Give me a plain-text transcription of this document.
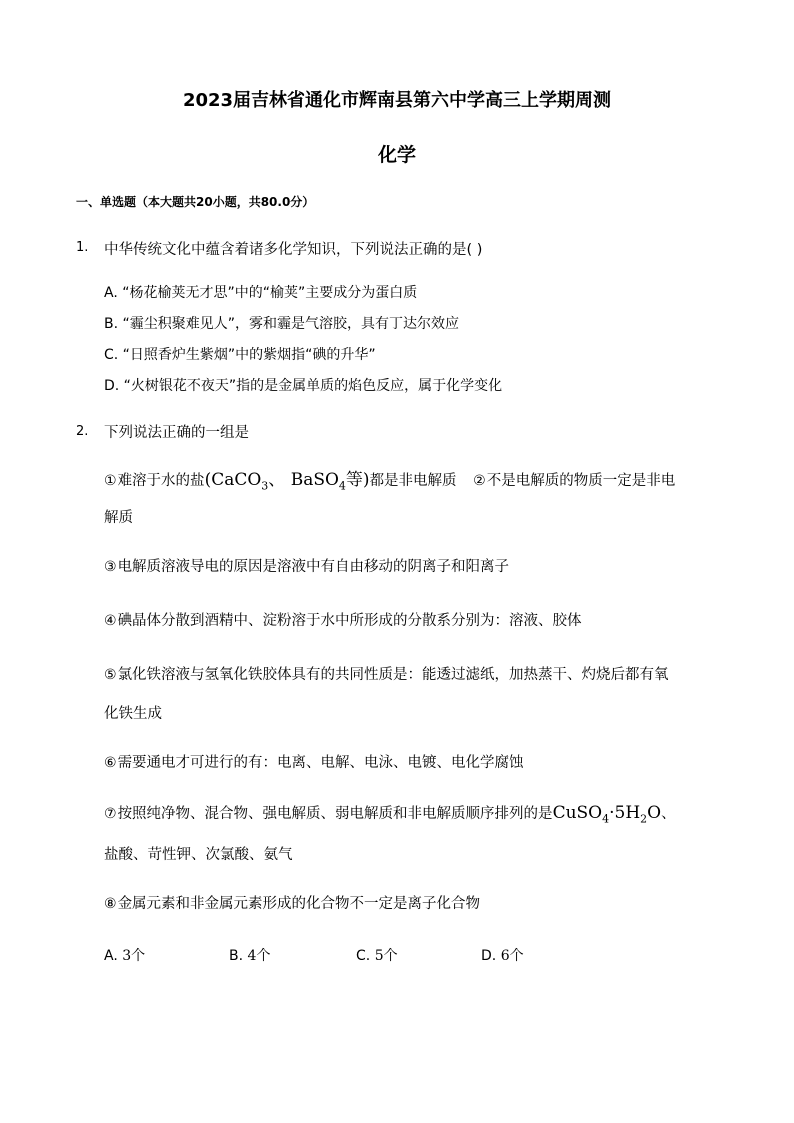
2023届吉林省通化市辉南县第六中学高三上学期周测
化学
一、单选题（本大题共20小题，共80.0分）
1. 中华传统文化中蕴含着诸多化学知识，下列说法正确的是( )
A. “杨花榆荚无才思”中的“榆荚”主要成分为蛋白质
B. “霾尘积聚难见人”，雾和霾是气溶胶，具有丁达尔效应
C. “日照香炉生紫烟”中的紫烟指“碘的升华”
D. “火树银花不夜天”指的是金属单质的焰色反应，属于化学变化
2. 下列说法正确的一组是
①难溶于水的盐(CaCO$_3$、 BaSO$_4$等)都是非电解质 ②不是电解质的物质一定是非电
解质
③电解质溶液导电的原因是溶液中有自由移动的阴离子和阳离子
④碘晶体分散到酒精中、淀粉溶于水中所形成的分散系分别为：溶液、胶体
⑤氯化铁溶液与氢氧化铁胶体具有的共同性质是：能透过滤纸，加热蒸干、灼烧后都有氧
化铁生成
⑥需要通电才可进行的有：电离、电解、电泳、电镀、电化学腐蚀
⑦按照纯净物、混合物、强电解质、弱电解质和非电解质顺序排列的是$CuSO_4\cdot 5H_2O$、
盐酸、苛性钾、次氯酸、氨气
⑧金属元素和非金属元素形成的化合物不一定是离子化合物
A. 3个	B. 4个	C. 5个	D. 6个
